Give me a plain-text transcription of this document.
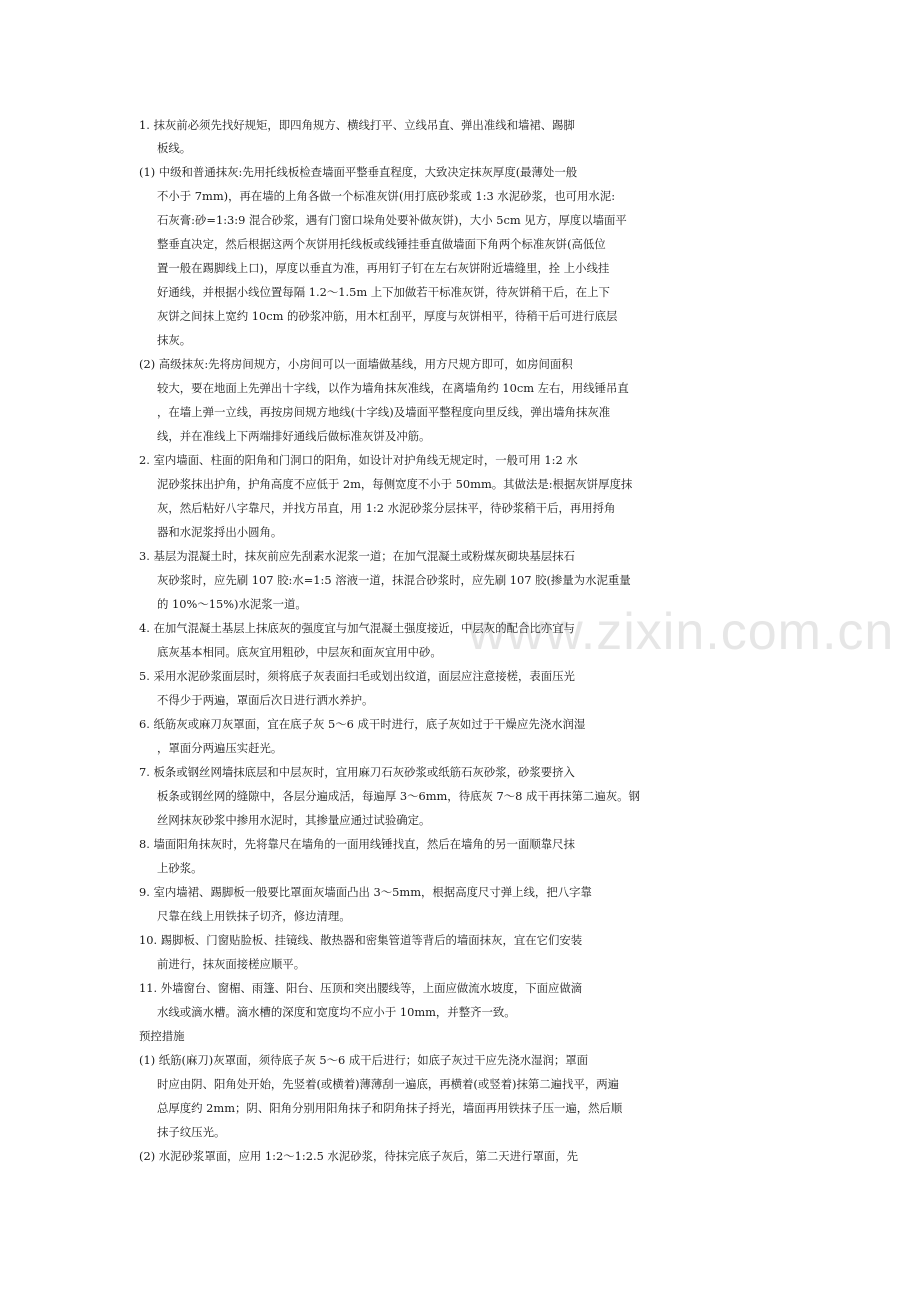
www.zixin.com.cn
1. 抹灰前必须先找好规矩，即四角规方、横线打平、立线吊直、弹出准线和墙裙、踢脚
板线。
(1) 中级和普通抹灰:先用托线板检查墙面平整垂直程度，大致决定抹灰厚度(最薄处一般
不小于 7mm)，再在墙的上角各做一个标准灰饼(用打底砂浆或 1:3 水泥砂浆，也可用水泥:
石灰膏:砂=1:3:9 混合砂浆，遇有门窗口垛角处要补做灰饼)，大小 5cm 见方，厚度以墙面平
整垂直决定，然后根据这两个灰饼用托线板或线锤挂垂直做墙面下角两个标准灰饼(高低位
置一般在踢脚线上口)，厚度以垂直为准，再用钉子钉在左右灰饼附近墙缝里，拴 上小线挂
好通线，并根据小线位置每隔 1.2～1.5m 上下加做若干标准灰饼，待灰饼稍干后，在上下
灰饼之间抹上宽约 10cm 的砂浆冲筋，用木杠刮平，厚度与灰饼相平，待稍干后可进行底层
抹灰。
(2) 高级抹灰:先将房间规方，小房间可以一面墙做基线，用方尺规方即可，如房间面积
较大，要在地面上先弹出十字线，以作为墙角抹灰准线，在离墙角约 10cm 左右，用线锤吊直
，在墙上弹一立线，再按房间规方地线(十字线)及墙面平整程度向里反线，弹出墙角抹灰准
线，并在准线上下两端排好通线后做标准灰饼及冲筋。
2. 室内墙面、柱面的阳角和门洞口的阳角，如设计对护角线无规定时，一般可用 1:2 水
泥砂浆抹出护角，护角高度不应低于 2m，每侧宽度不小于 50mm。其做法是:根据灰饼厚度抹
灰，然后粘好八字靠尺，并找方吊直，用 1:2 水泥砂浆分层抹平，待砂浆稍干后，再用捋角
器和水泥浆捋出小圆角。
3. 基层为混凝土时，抹灰前应先刮素水泥浆一道；在加气混凝土或粉煤灰砌块基层抹石
灰砂浆时，应先刷 107 胶:水=1:5 溶液一道，抹混合砂浆时，应先刷 107 胶(掺量为水泥重量
的 10%～15%)水泥浆一道。
4. 在加气混凝土基层上抹底灰的强度宜与加气混凝土强度接近，中层灰的配合比亦宜与
底灰基本相同。底灰宜用粗砂，中层灰和面灰宜用中砂。
5. 采用水泥砂浆面层时，须将底子灰表面扫毛或划出纹道，面层应注意接槎，表面压光
不得少于两遍，罩面后次日进行洒水养护。
6. 纸筋灰或麻刀灰罩面，宜在底子灰 5～6 成干时进行，底子灰如过于干燥应先浇水润湿
，罩面分两遍压实赶光。
7. 板条或钢丝网墙抹底层和中层灰时，宜用麻刀石灰砂浆或纸筋石灰砂浆，砂浆要挤入
板条或钢丝网的缝隙中，各层分遍成活，每遍厚 3～6mm，待底灰 7～8 成干再抹第二遍灰。钢
丝网抹灰砂浆中掺用水泥时，其掺量应通过试验确定。
8. 墙面阳角抹灰时，先将靠尺在墙角的一面用线锤找直，然后在墙角的另一面顺靠尺抹
上砂浆。
9. 室内墙裙、踢脚板一般要比罩面灰墙面凸出 3～5mm，根据高度尺寸弹上线，把八字靠
尺靠在线上用铁抹子切齐，修边清理。
10. 踢脚板、门窗贴脸板、挂镜线、散热器和密集管道等背后的墙面抹灰，宜在它们安装
前进行，抹灰面接槎应顺平。
11. 外墙窗台、窗楣、雨篷、阳台、压顶和突出腰线等，上面应做流水坡度，下面应做滴
水线或滴水槽。滴水槽的深度和宽度均不应小于 10mm，并整齐一致。
预控措施
(1) 纸筋(麻刀)灰罩面，须待底子灰 5～6 成干后进行；如底子灰过干应先浇水湿润；罩面
时应由阴、阳角处开始，先竖着(或横着)薄薄刮一遍底，再横着(或竖着)抹第二遍找平，两遍
总厚度约 2mm；阴、阳角分别用阳角抹子和阴角抹子捋光，墙面再用铁抹子压一遍，然后顺
抹子纹压光。
(2) 水泥砂浆罩面，应用 1:2～1:2.5 水泥砂浆，待抹完底子灰后，第二天进行罩面，先
